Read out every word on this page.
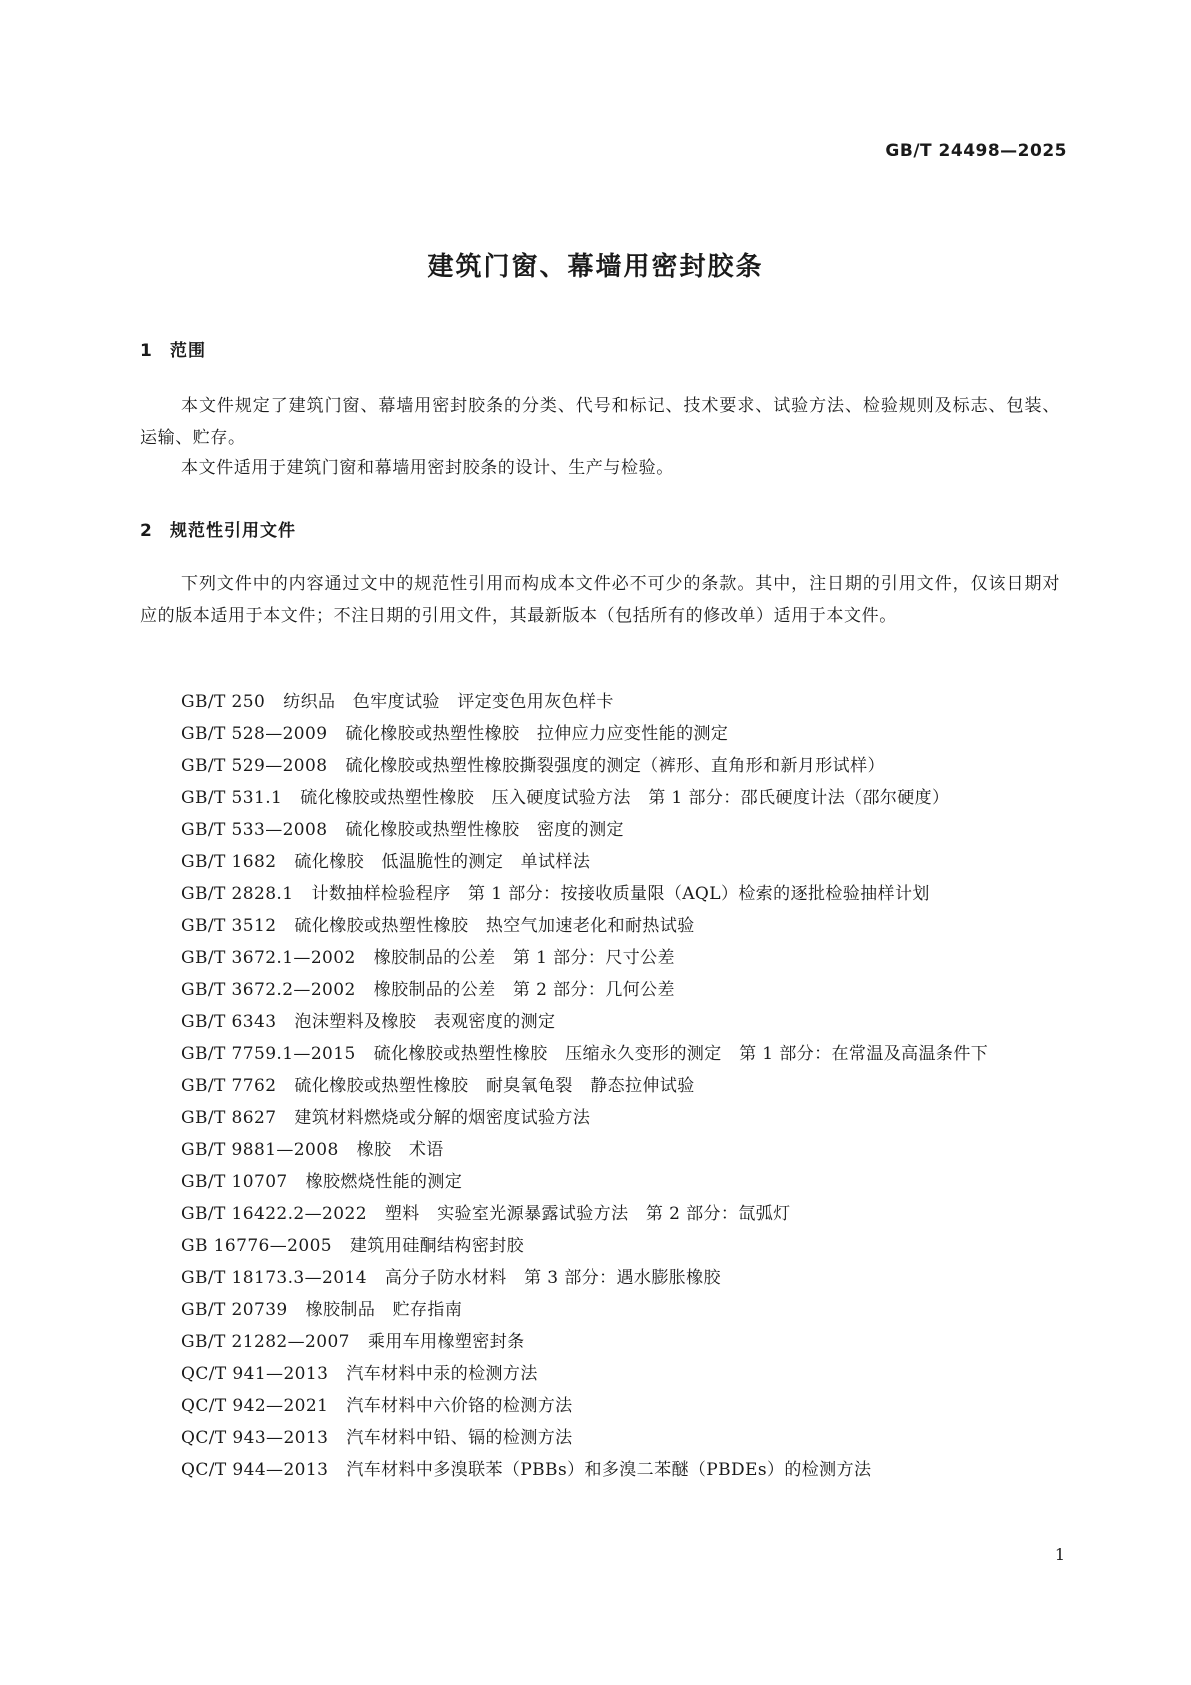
GB/T 24498—2025
建筑门窗、幕墙用密封胶条
1 范围
本文件规定了建筑门窗、幕墙用密封胶条的分类、代号和标记、技术要求、试验方法、检验规则及标志、包装、运输、贮存。
本文件适用于建筑门窗和幕墙用密封胶条的设计、生产与检验。
2 规范性引用文件
下列文件中的内容通过文中的规范性引用而构成本文件必不可少的条款。其中，注日期的引用文件，仅该日期对应的版本适用于本文件；不注日期的引用文件，其最新版本（包括所有的修改单）适用于本文件。
GB/T 250 纺织品　色牢度试验　评定变色用灰色样卡
GB/T 528—2009 硫化橡胶或热塑性橡胶　拉伸应力应变性能的测定
GB/T 529—2008 硫化橡胶或热塑性橡胶撕裂强度的测定（裤形、直角形和新月形试样）
GB/T 531.1 硫化橡胶或热塑性橡胶　压入硬度试验方法　第 1 部分：邵氏硬度计法（邵尔硬度）
GB/T 533—2008 硫化橡胶或热塑性橡胶　密度的测定
GB/T 1682 硫化橡胶　低温脆性的测定　单试样法
GB/T 2828.1 计数抽样检验程序　第 1 部分：按接收质量限（AQL）检索的逐批检验抽样计划
GB/T 3512 硫化橡胶或热塑性橡胶　热空气加速老化和耐热试验
GB/T 3672.1—2002 橡胶制品的公差　第 1 部分：尺寸公差
GB/T 3672.2—2002 橡胶制品的公差　第 2 部分：几何公差
GB/T 6343 泡沫塑料及橡胶　表观密度的测定
GB/T 7759.1—2015 硫化橡胶或热塑性橡胶　压缩永久变形的测定　第 1 部分：在常温及高温条件下
GB/T 7762 硫化橡胶或热塑性橡胶　耐臭氧龟裂　静态拉伸试验
GB/T 8627 建筑材料燃烧或分解的烟密度试验方法
GB/T 9881—2008 橡胶　术语
GB/T 10707 橡胶燃烧性能的测定
GB/T 16422.2—2022 塑料　实验室光源暴露试验方法　第 2 部分：氙弧灯
GB 16776—2005 建筑用硅酮结构密封胶
GB/T 18173.3—2014 高分子防水材料　第 3 部分：遇水膨胀橡胶
GB/T 20739 橡胶制品　贮存指南
GB/T 21282—2007 乘用车用橡塑密封条
QC/T 941—2013 汽车材料中汞的检测方法
QC/T 942—2021 汽车材料中六价铬的检测方法
QC/T 943—2013 汽车材料中铅、镉的检测方法
QC/T 944—2013 汽车材料中多溴联苯（PBBs）和多溴二苯醚（PBDEs）的检测方法
1
